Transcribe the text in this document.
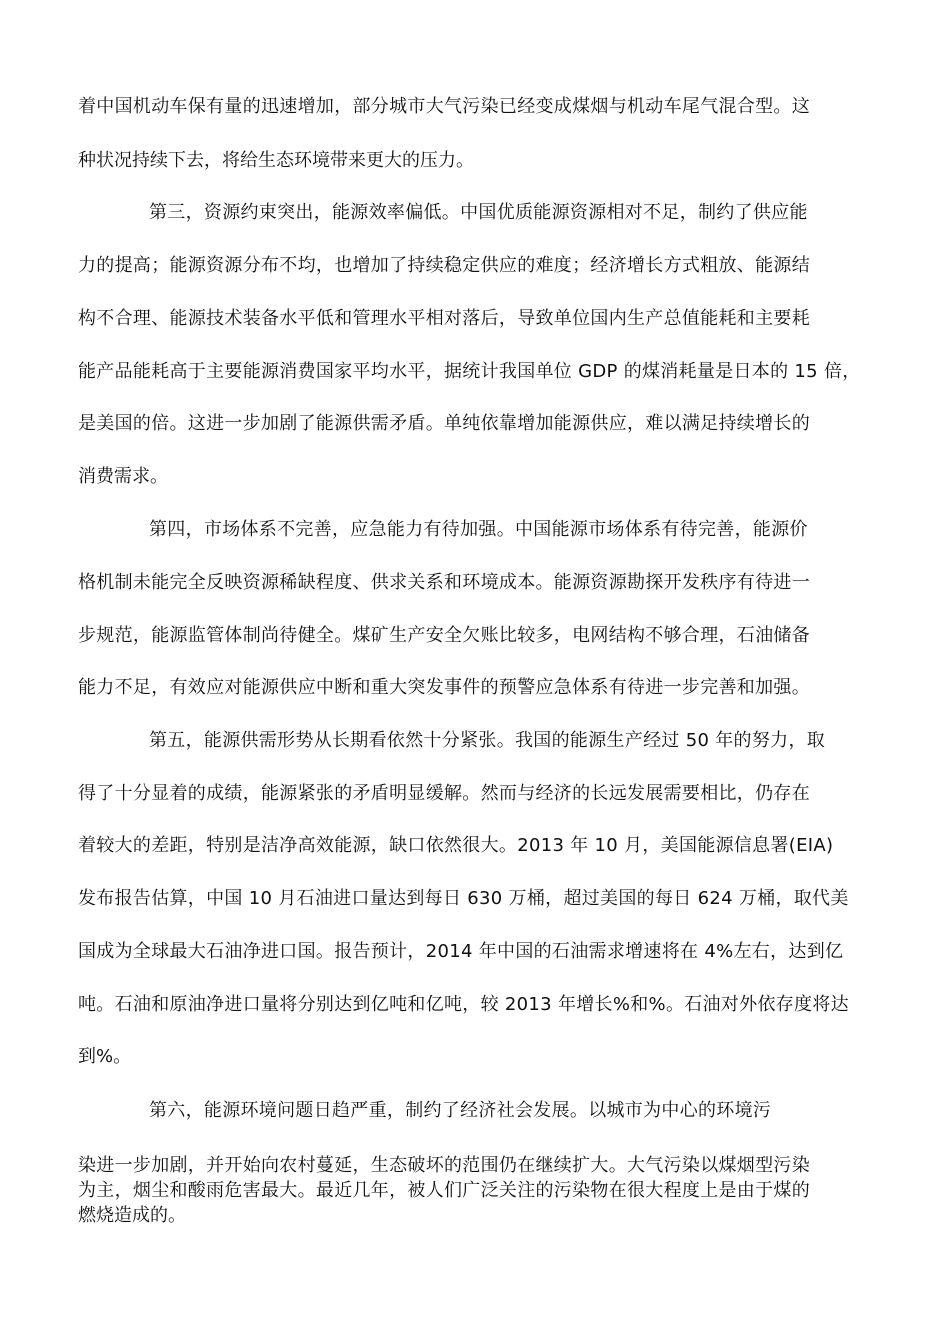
着中国机动车保有量的迅速增加，部分城市大气污染已经变成煤烟与机动车尾气混合型。这
种状况持续下去，将给生态环境带来更大的压力。
第三，资源约束突出，能源效率偏低。中国优质能源资源相对不足，制约了供应能
力的提高；能源资源分布不均，也增加了持续稳定供应的难度；经济增长方式粗放、能源结
构不合理、能源技术装备水平低和管理水平相对落后，导致单位国内生产总值能耗和主要耗
能产品能耗高于主要能源消费国家平均水平，据统计我国单位 GDP 的煤消耗量是日本的 15 倍，
是美国的倍。这进一步加剧了能源供需矛盾。单纯依靠增加能源供应，难以满足持续增长的
消费需求。
第四，市场体系不完善，应急能力有待加强。中国能源市场体系有待完善，能源价
格机制未能完全反映资源稀缺程度、供求关系和环境成本。能源资源勘探开发秩序有待进一
步规范，能源监管体制尚待健全。煤矿生产安全欠账比较多，电网结构不够合理，石油储备
能力不足，有效应对能源供应中断和重大突发事件的预警应急体系有待进一步完善和加强。
第五，能源供需形势从长期看依然十分紧张。我国的能源生产经过 50 年的努力，取
得了十分显着的成绩，能源紧张的矛盾明显缓解。然而与经济的长远发展需要相比，仍存在
着较大的差距，特别是洁净高效能源，缺口依然很大。2013 年 10 月，美国能源信息署(EIA)
发布报告估算，中国 10 月石油进口量达到每日 630 万桶，超过美国的每日 624 万桶，取代美
国成为全球最大石油净进口国。报告预计，2014 年中国的石油需求增速将在 4%左右，达到亿
吨。石油和原油净进口量将分别达到亿吨和亿吨，较 2013 年增长%和%。石油对外依存度将达
到%。
第六，能源环境问题日趋严重，制约了经济社会发展。以城市为中心的环境污
染进一步加剧，并开始向农村蔓延，生态破坏的范围仍在继续扩大。大气污染以煤烟型污染
为主，烟尘和酸雨危害最大。最近几年，被人们广泛关注的污染物在很大程度上是由于煤的
燃烧造成的。
